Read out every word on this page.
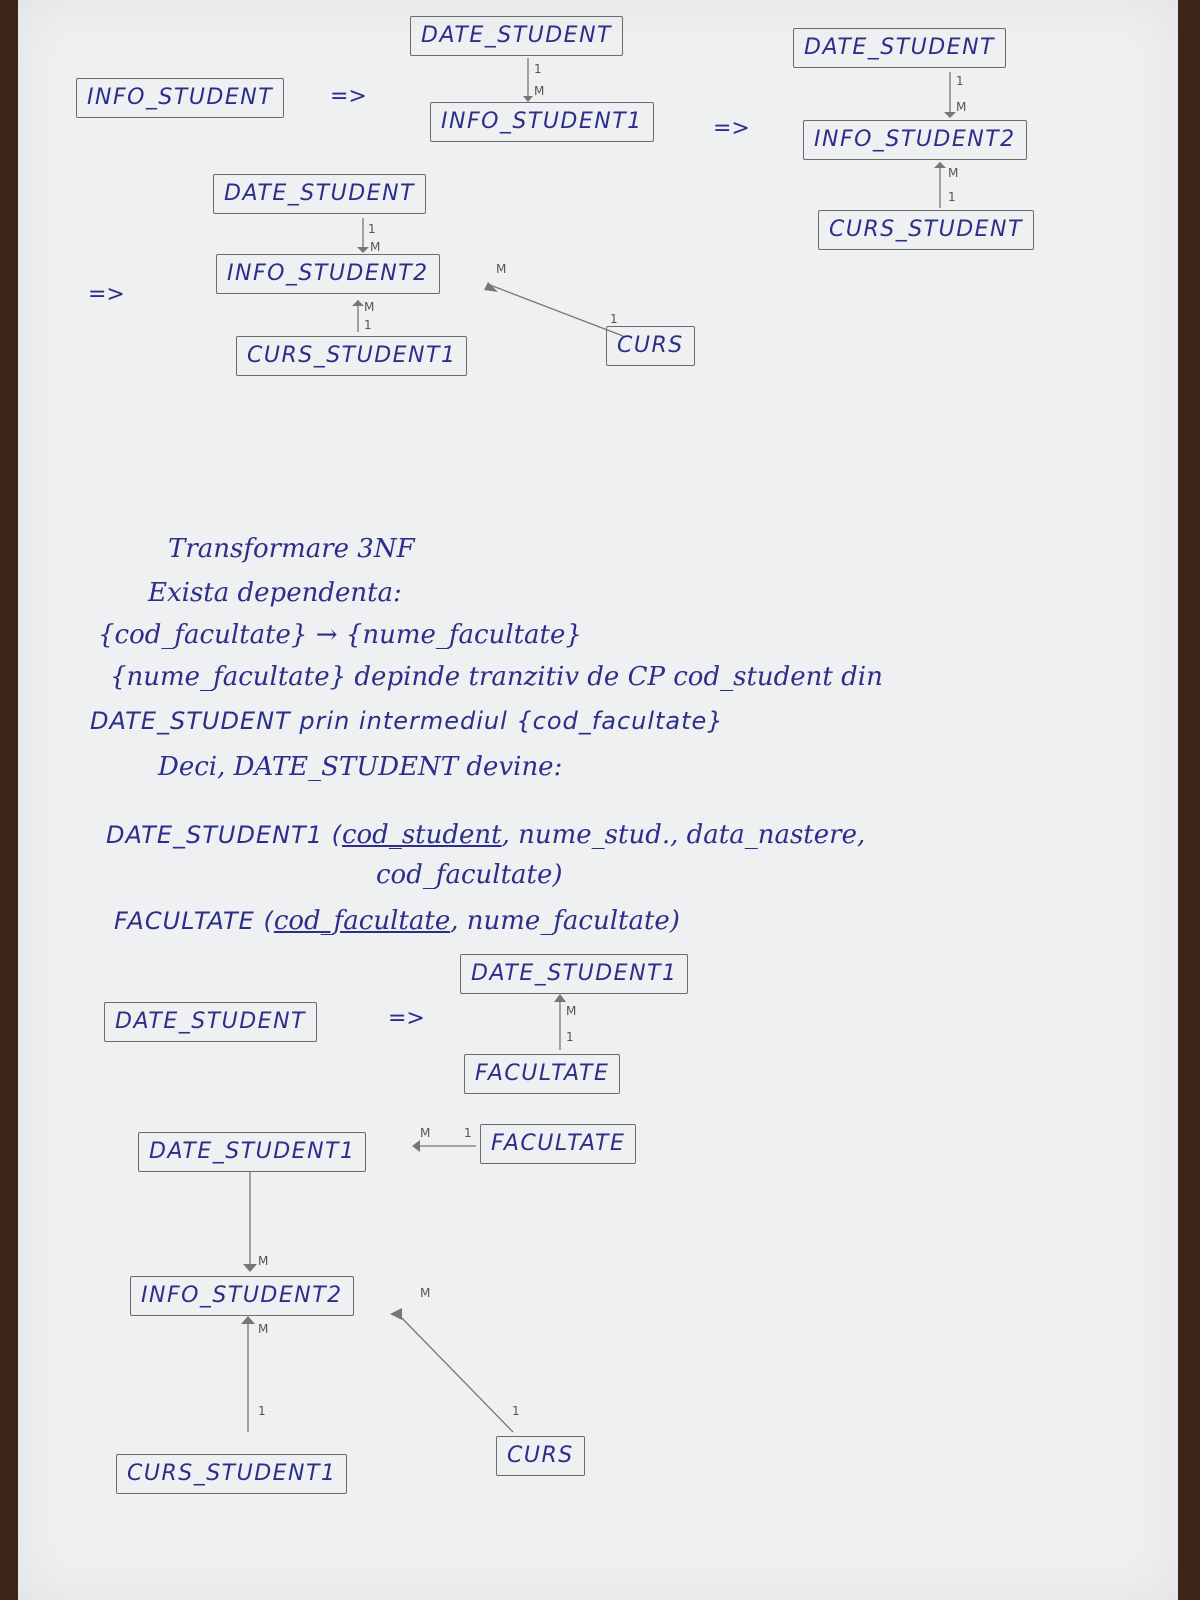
INFO_STUDENT	=>
DATE_STUDENT
1
M
INFO_STUDENT1	=>
DATE_STUDENT
1
M
INFO_STUDENT2
M
1
CURS_STUDENT
=>
DATE_STUDENT
1
M
INFO_STUDENT2	M
M
1	1
CURS_STUDENT1	CURS
Transformare 3NF
Exista dependenta:
{cod_facultate} → {nume_facultate}
{nume_facultate} depinde tranzitiv de CP cod_student din
DATE_STUDENT prin intermediul {cod_facultate}
Deci, DATE_STUDENT devine:
DATE_STUDENT1 (cod_student, nume_stud., data_nastere,
cod_facultate)
FACULTATE (cod_facultate, nume_facultate)
DATE_STUDENT	=>
DATE_STUDENT1
M
1
FACULTATE
DATE_STUDENT1
M	1 FACULTATE
M
INFO_STUDENT2	M
M
1	1
CURS
CURS_STUDENT1
